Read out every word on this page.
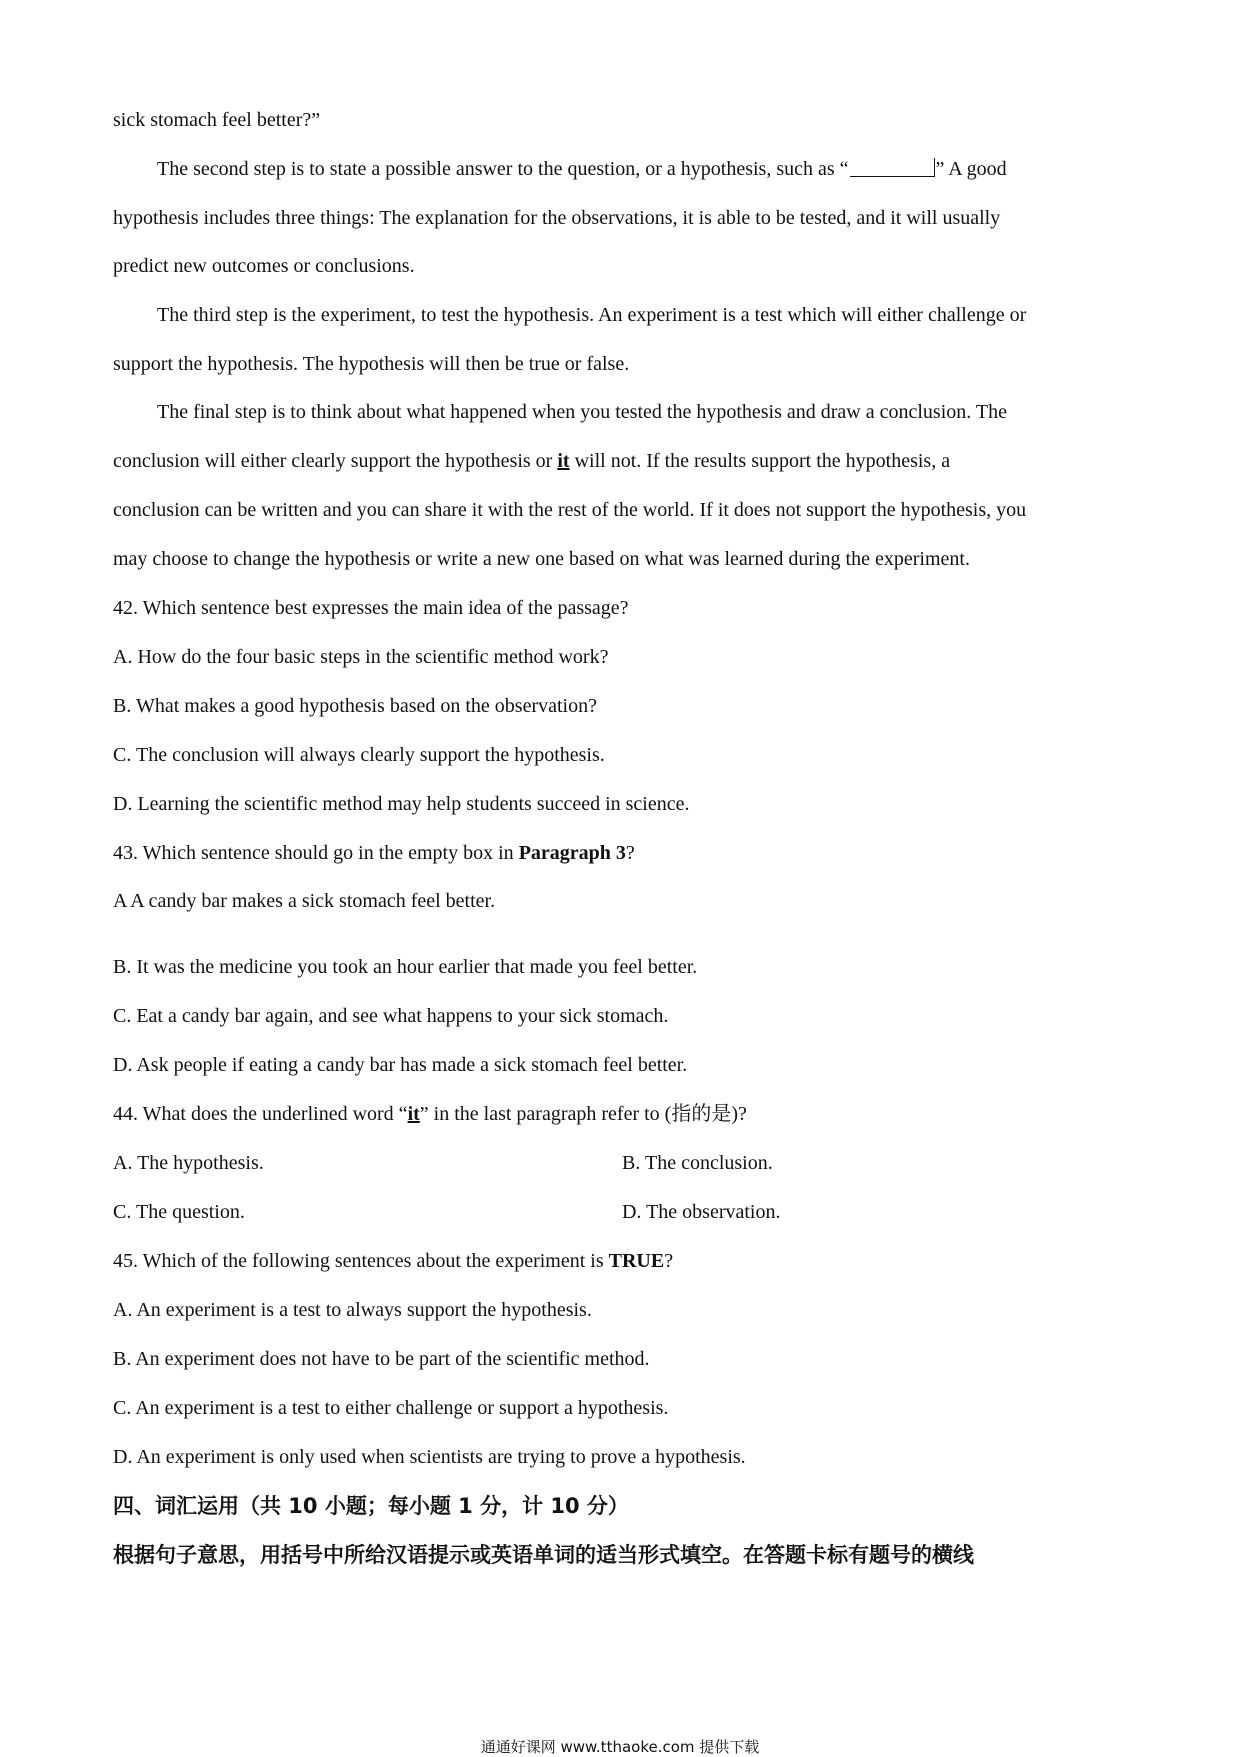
sick stomach feel better?”
The second step is to state a possible answer to the question, or a hypothesis, such as “	” A good
hypothesis includes three things: The explanation for the observations, it is able to be tested, and it will usually
predict new outcomes or conclusions.
The third step is the experiment, to test the hypothesis. An experiment is a test which will either challenge or
support the hypothesis. The hypothesis will then be true or false.
The final step is to think about what happened when you tested the hypothesis and draw a conclusion. The
conclusion will either clearly support the hypothesis or it will not. If the results support the hypothesis, a
conclusion can be written and you can share it with the rest of the world. If it does not support the hypothesis, you
may choose to change the hypothesis or write a new one based on what was learned during the experiment.
42. Which sentence best expresses the main idea of the passage?
A. How do the four basic steps in the scientific method work?
B. What makes a good hypothesis based on the observation?
C. The conclusion will always clearly support the hypothesis.
D. Learning the scientific method may help students succeed in science.
43. Which sentence should go in the empty box in Paragraph 3?
A A candy bar makes a sick stomach feel better.
B. It was the medicine you took an hour earlier that made you feel better.
C. Eat a candy bar again, and see what happens to your sick stomach.
D. Ask people if eating a candy bar has made a sick stomach feel better.
44. What does the underlined word “it” in the last paragraph refer to (指的是)?
A. The hypothesis.	B. The conclusion.
C. The question.	D. The observation.
45. Which of the following sentences about the experiment is TRUE?
A. An experiment is a test to always support the hypothesis.
B. An experiment does not have to be part of the scientific method.
C. An experiment is a test to either challenge or support a hypothesis.
D. An experiment is only used when scientists are trying to prove a hypothesis.
四、词汇运用（共 10 小题；每小题 1 分，计 10 分）
根据句子意思，用括号中所给汉语提示或英语单词的适当形式填空。在答题卡标有题号的横线
通通好课网 www.tthaoke.com 提供下载
